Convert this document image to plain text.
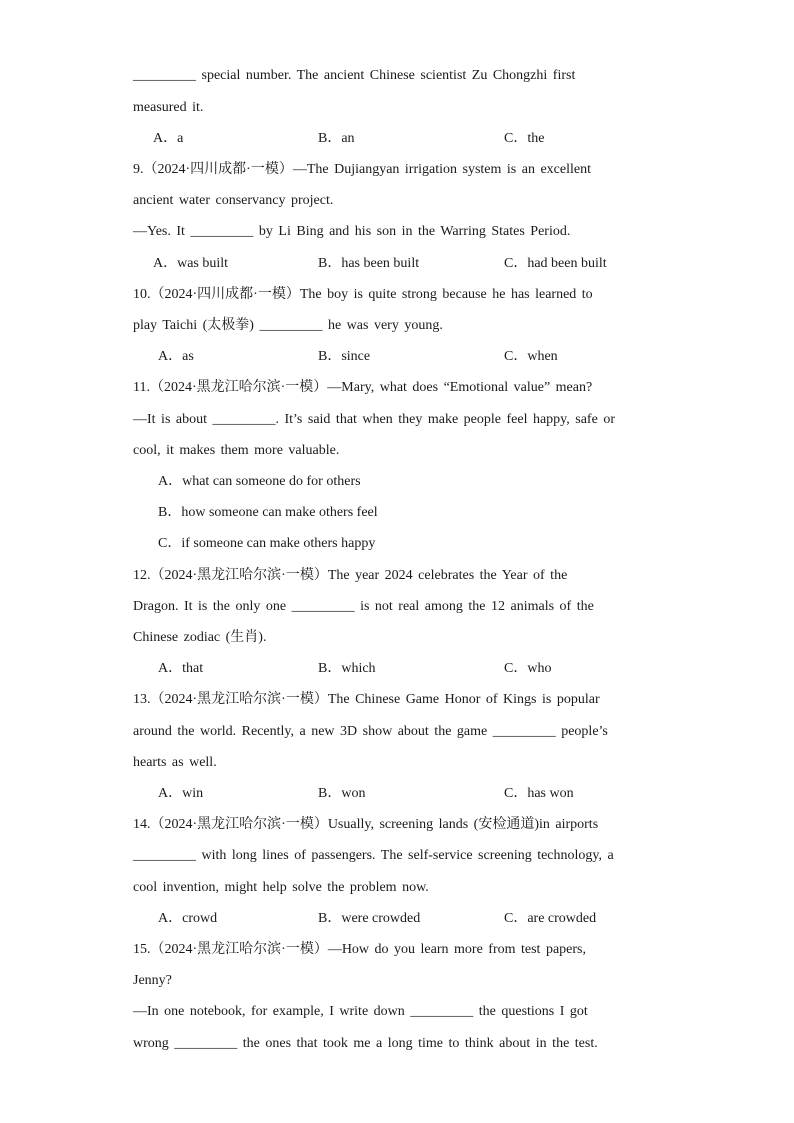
_________ special number. The ancient Chinese scientist Zu Chongzhi first
measured it.
A．a	B．an	C．the
9.（2024·四川成都·一模）—The Dujiangyan irrigation system is an excellent
ancient water conservancy project.
—Yes. It _________ by Li Bing and his son in the Warring States Period.
A．was built	B．has been built	C．had been built
10.（2024·四川成都·一模）The boy is quite strong because he has learned to
play Taichi (太极拳) _________ he was very young.
A．as	B．since	C．when
11.（2024·黑龙江哈尔滨·一模）—Mary, what does “Emotional value” mean?
—It is about _________. It’s said that when they make people feel happy, safe or
cool, it makes them more valuable.
A．what can someone do for others
B．how someone can make others feel
C．if someone can make others happy
12.（2024·黑龙江哈尔滨·一模）The year 2024 celebrates the Year of the
Dragon. It is the only one _________ is not real among the 12 animals of the
Chinese zodiac (生肖).
A．that	B．which	C．who
13.（2024·黑龙江哈尔滨·一模）The Chinese Game Honor of Kings is popular
around the world. Recently, a new 3D show about the game _________ people’s
hearts as well.
A．win	B．won	C．has won
14.（2024·黑龙江哈尔滨·一模）Usually, screening lands (安检通道)in airports
_________ with long lines of passengers. The self-service screening technology, a
cool invention, might help solve the problem now.
A．crowd	B．were crowded	C．are crowded
15.（2024·黑龙江哈尔滨·一模）—How do you learn more from test papers,
Jenny?
—In one notebook, for example, I write down _________ the questions I got
wrong _________ the ones that took me a long time to think about in the test.
